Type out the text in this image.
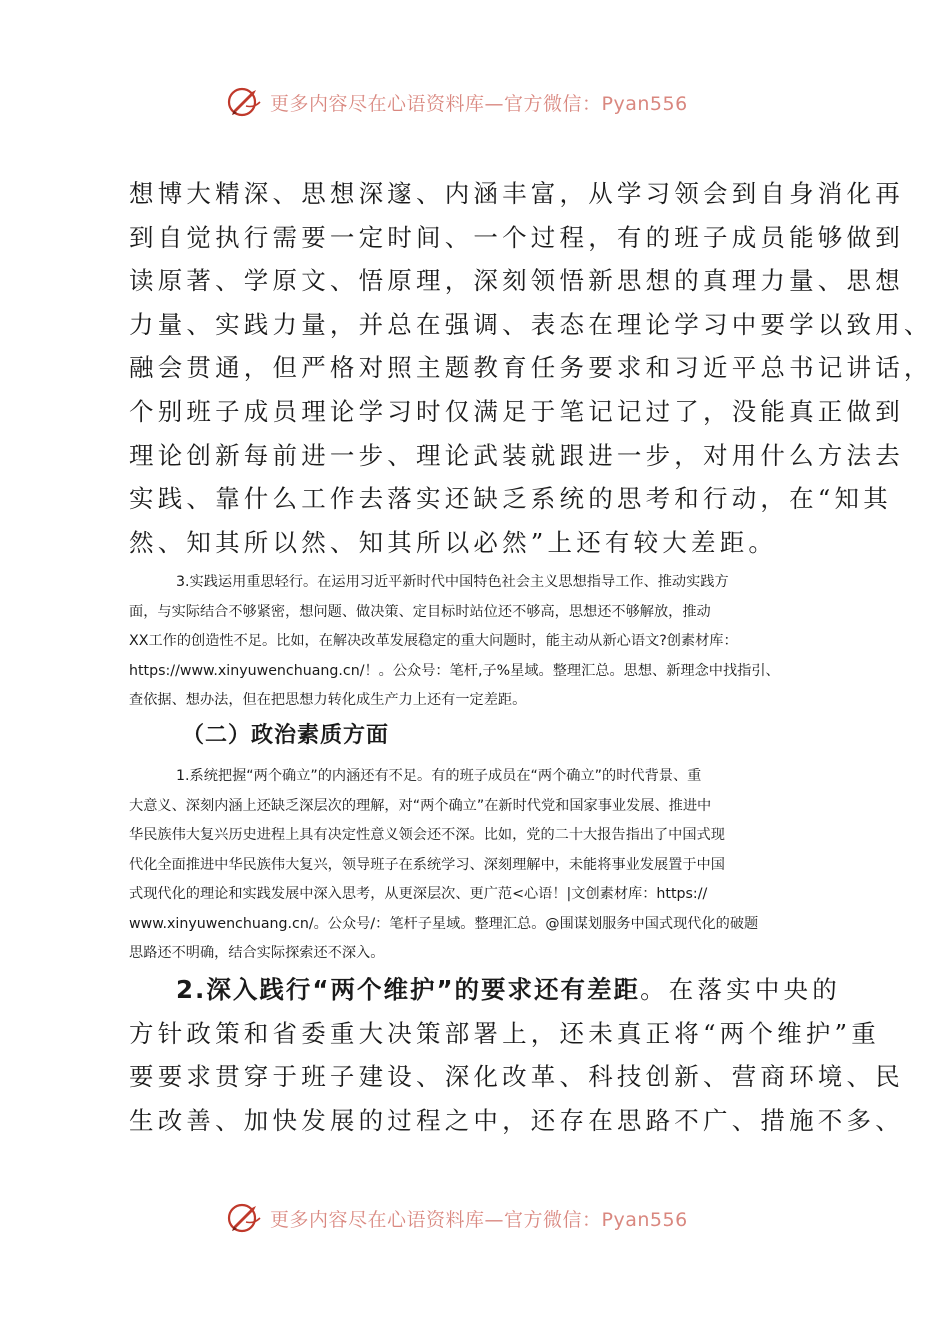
更多内容尽在心语资料库—官方微信：Pyan556
想博大精深、思想深邃、内涵丰富，从学习领会到自身消化再
到自觉执行需要一定时间、一个过程，有的班子成员能够做到
读原著、学原文、悟原理，深刻领悟新思想的真理力量、思想
力量、实践力量，并总在强调、表态在理论学习中要学以致用、
融会贯通，但严格对照主题教育任务要求和习近平总书记讲话，
个别班子成员理论学习时仅满足于笔记记过了，没能真正做到
理论创新每前进一步、理论武装就跟进一步，对用什么方法去
实践、靠什么工作去落实还缺乏系统的思考和行动，在“知其
然、知其所以然、知其所以必然”上还有较大差距。
3.实践运用重思轻行。在运用习近平新时代中国特色社会主义思想指导工作、推动实践方
面，与实际结合不够紧密，想问题、做决策、定目标时站位还不够高，思想还不够解放，推动
XX工作的创造性不足。比如，在解决改革发展稳定的重大问题时，能主动从新心语文?创素材库：
https://www.xinyuwenchuang.cn/！。公众号：笔杆,子%星域。整理汇总。思想、新理念中找指引、
查依据、想办法，但在把思想力转化成生产力上还有一定差距。
（二）政治素质方面
1.系统把握“两个确立”的内涵还有不足。有的班子成员在“两个确立”的时代背景、重
大意义、深刻内涵上还缺乏深层次的理解，对“两个确立”在新时代党和国家事业发展、推进中
华民族伟大复兴历史进程上具有决定性意义领会还不深。比如，党的二十大报告指出了中国式现
代化全面推进中华民族伟大复兴，领导班子在系统学习、深刻理解中，未能将事业发展置于中国
式现代化的理论和实践发展中深入思考，从更深层次、更广范<心语！|文创素材库：https://
www.xinyuwenchuang.cn/。公众号/：笔杆子星域。整理汇总。@围谋划服务中国式现代化的破题
思路还不明确，结合实际探索还不深入。
2.深入践行“两个维护”的要求还有差距。在落实中央的
方针政策和省委重大决策部署上，还未真正将“两个维护”重
要要求贯穿于班子建设、深化改革、科技创新、营商环境、民
生改善、加快发展的过程之中，还存在思路不广、措施不多、
更多内容尽在心语资料库—官方微信：Pyan556
